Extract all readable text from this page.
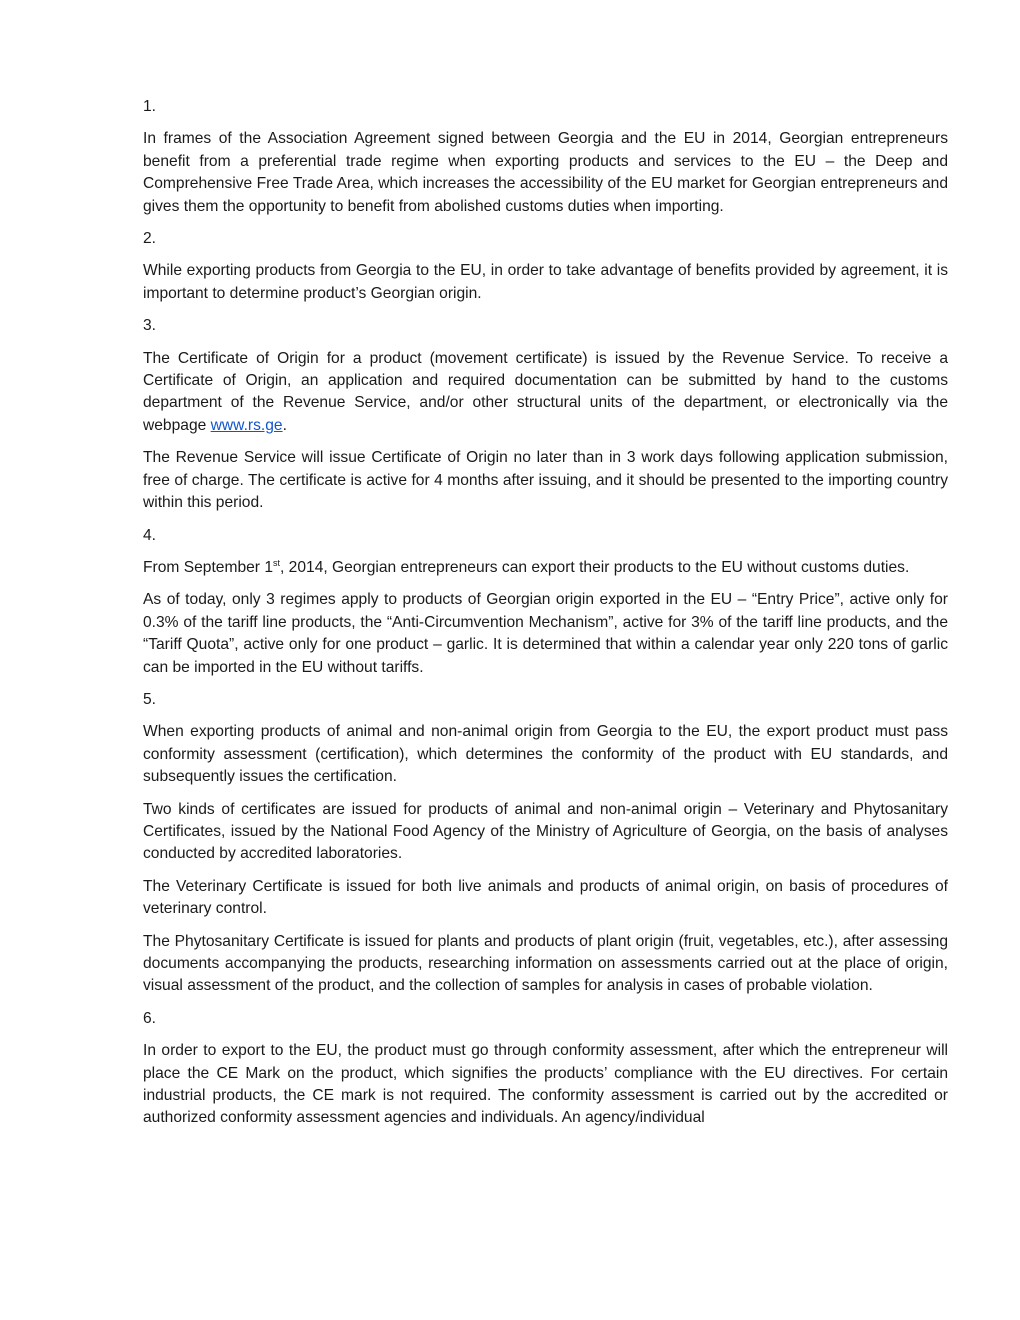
1.

In frames of the Association Agreement signed between Georgia and the EU in 2014, Georgian entrepreneurs benefit from a preferential trade regime when exporting products and services to the EU – the Deep and Comprehensive Free Trade Area, which increases the accessibility of the EU market for Georgian entrepreneurs and gives them the opportunity to benefit from abolished customs duties when importing.

2.

While exporting products from Georgia to the EU, in order to take advantage of benefits provided by agreement, it is important to determine product’s Georgian origin.

3.

The Certificate of Origin for a product (movement certificate) is issued by the Revenue Service. To receive a Certificate of Origin, an application and required documentation can be submitted by hand to the customs department of the Revenue Service, and/or other structural units of the department, or electronically via the webpage www.rs.ge.

The Revenue Service will issue Certificate of Origin no later than in 3 work days following application submission, free of charge. The certificate is active for 4 months after issuing, and it should be presented to the importing country within this period.

4.

From September 1st, 2014, Georgian entrepreneurs can export their products to the EU without customs duties.

As of today, only 3 regimes apply to products of Georgian origin exported in the EU – “Entry Price”, active only for 0.3% of the tariff line products, the “Anti-Circumvention Mechanism”, active for 3% of the tariff line products, and the “Tariff Quota”, active only for one product – garlic. It is determined that within a calendar year only 220 tons of garlic can be imported in the EU without tariffs.

5.

When exporting products of animal and non-animal origin from Georgia to the EU, the export product must pass conformity assessment (certification), which determines the conformity of the product with EU standards, and subsequently issues the certification.

Two kinds of certificates are issued for products of animal and non-animal origin – Veterinary and Phytosanitary Certificates, issued by the National Food Agency of the Ministry of Agriculture of Georgia, on the basis of analyses conducted by accredited laboratories.

The Veterinary Certificate is issued for both live animals and products of animal origin, on basis of procedures of veterinary control.

The Phytosanitary Certificate is issued for plants and products of plant origin (fruit, vegetables, etc.), after assessing documents accompanying the products, researching information on assessments carried out at the place of origin, visual assessment of the product, and the collection of samples for analysis in cases of probable violation.

6.

In order to export to the EU, the product must go through conformity assessment, after which the entrepreneur will place the CE Mark on the product, which signifies the products’ compliance with the EU directives. For certain industrial products, the CE mark is not required. The conformity assessment is carried out by the accredited or authorized conformity assessment agencies and individuals. An agency/individual
